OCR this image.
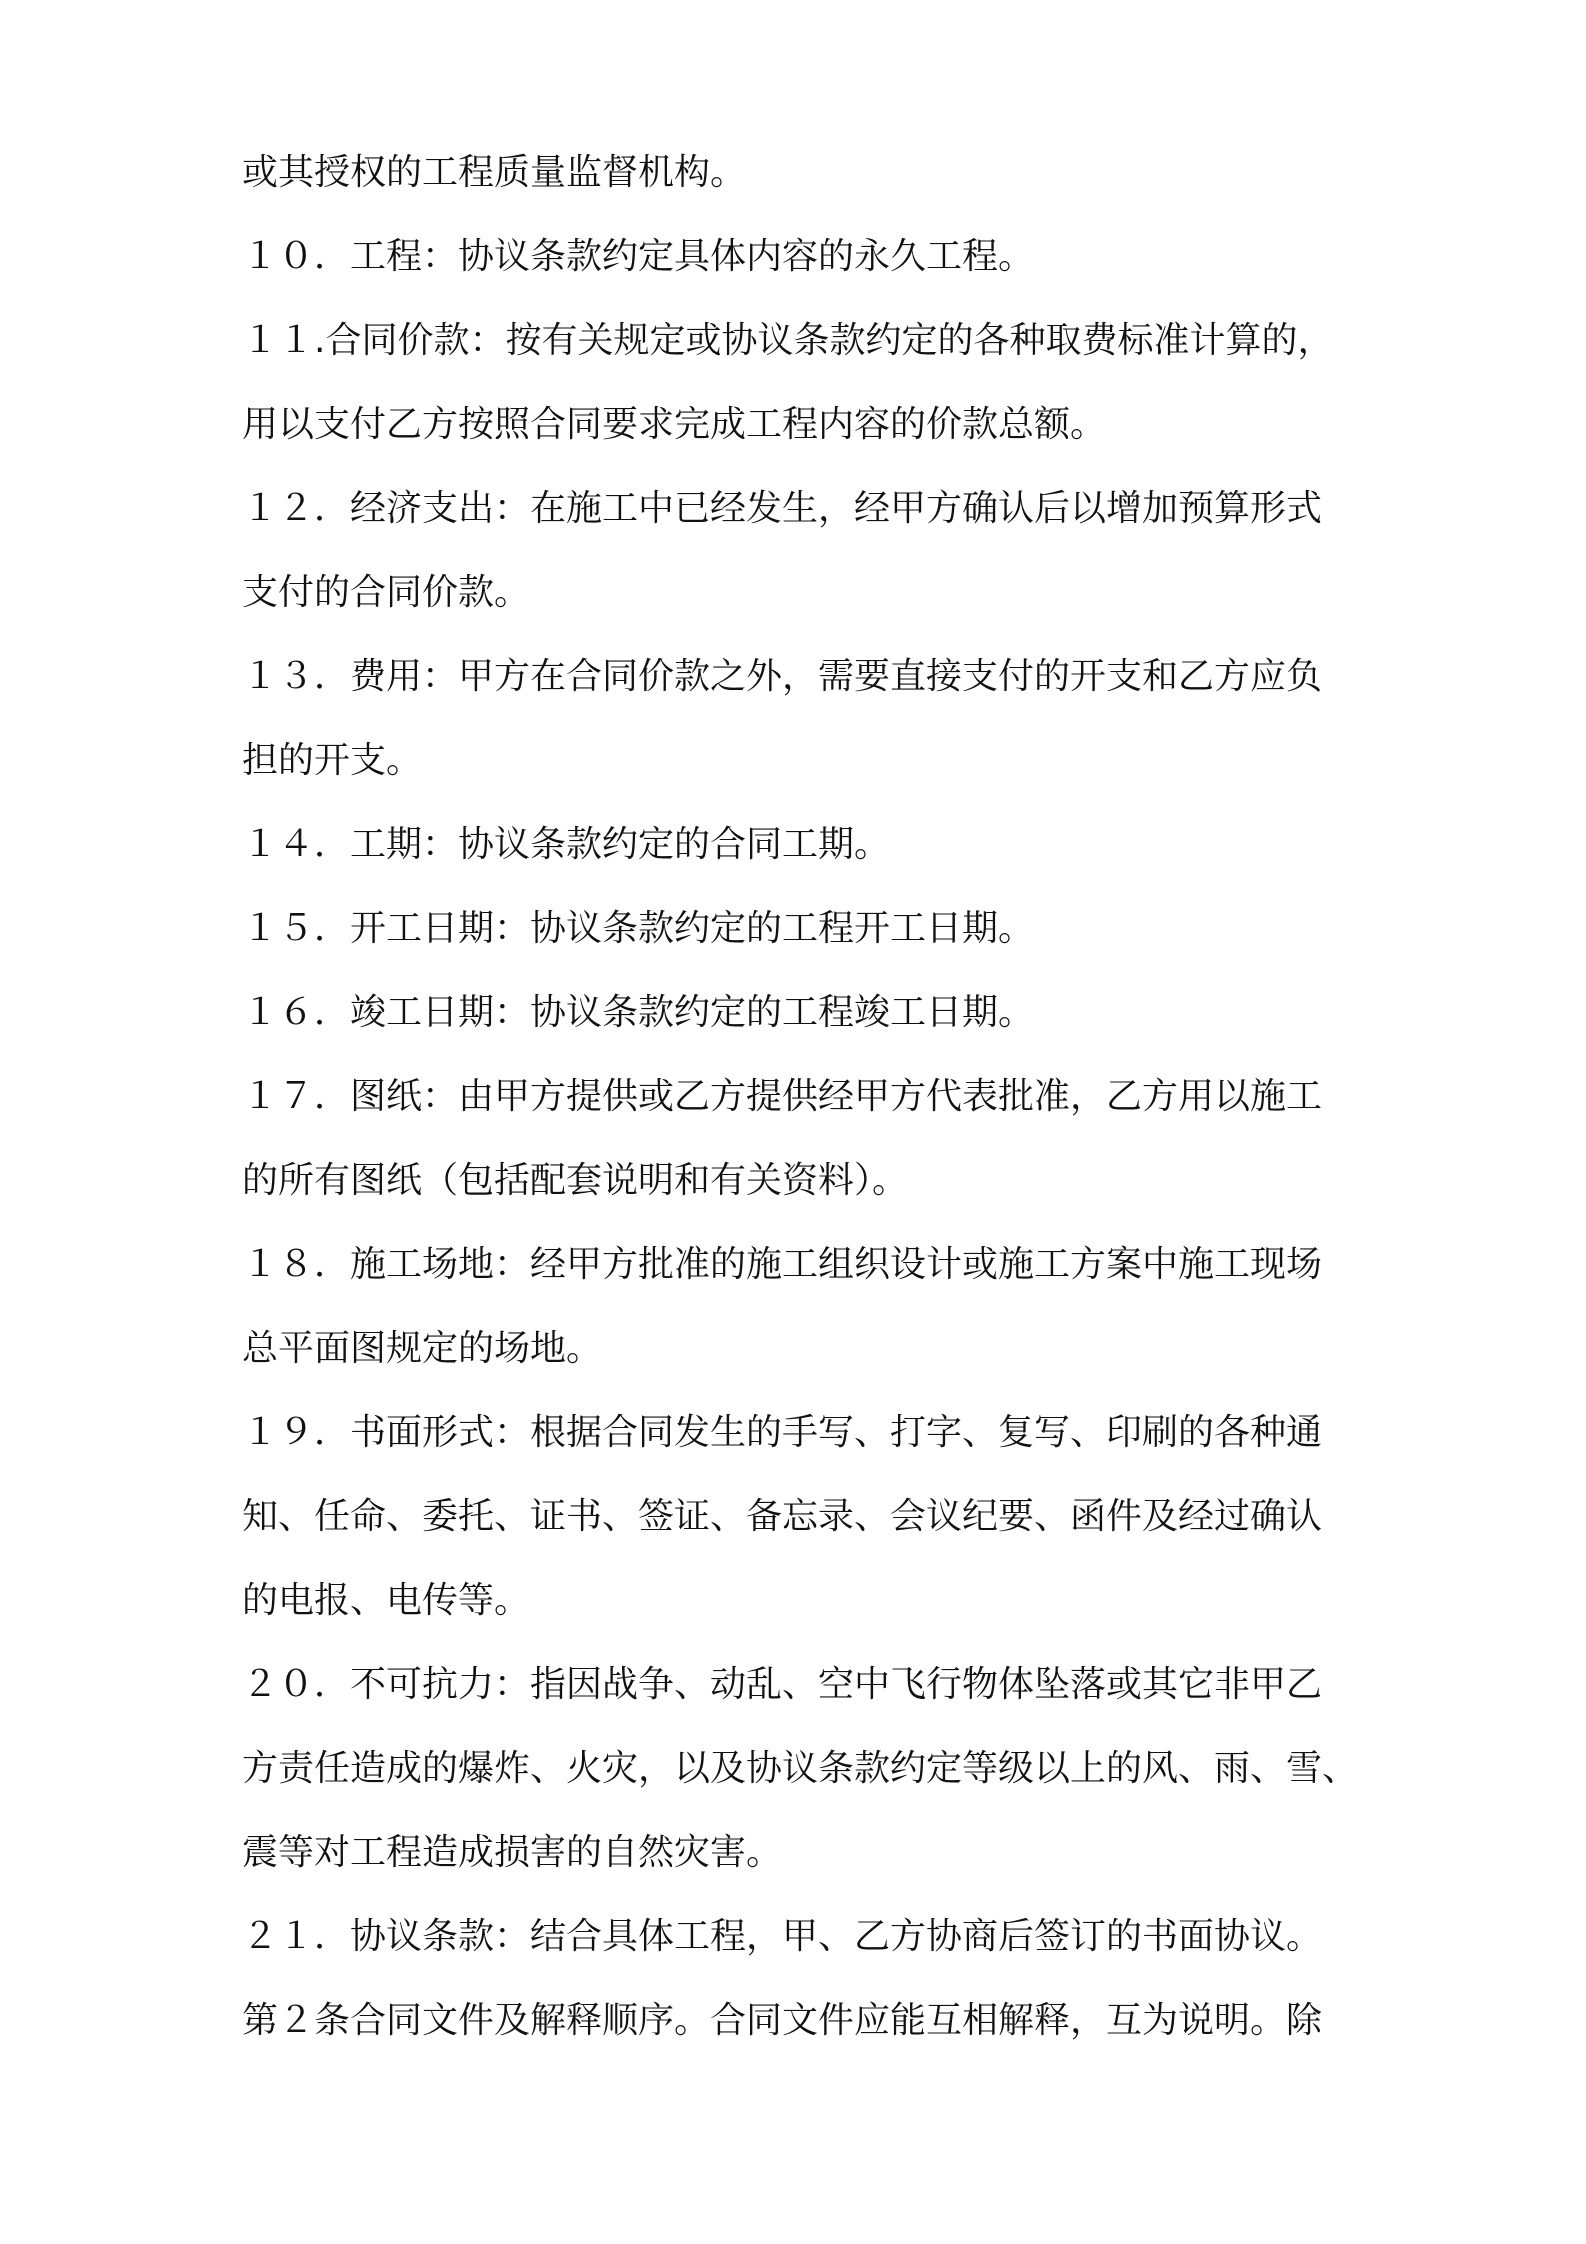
或其授权的工程质量监督机构。
１０．工程：协议条款约定具体内容的永久工程。
１１.合同价款：按有关规定或协议条款约定的各种取费标准计算的，
用以支付乙方按照合同要求完成工程内容的价款总额。
１２．经济支出：在施工中已经发生，经甲方确认后以增加预算形式
支付的合同价款。
１３．费用：甲方在合同价款之外，需要直接支付的开支和乙方应负
担的开支。
１４．工期：协议条款约定的合同工期。
１５．开工日期：协议条款约定的工程开工日期。
１６．竣工日期：协议条款约定的工程竣工日期。
１７．图纸：由甲方提供或乙方提供经甲方代表批准，乙方用以施工
的所有图纸（包括配套说明和有关资料）。
１８．施工场地：经甲方批准的施工组织设计或施工方案中施工现场
总平面图规定的场地。
１９．书面形式：根据合同发生的手写、打字、复写、印刷的各种通
知、任命、委托、证书、签证、备忘录、会议纪要、函件及经过确认
的电报、电传等。
２０．不可抗力：指因战争、动乱、空中飞行物体坠落或其它非甲乙
方责任造成的爆炸、火灾，以及协议条款约定等级以上的风、雨、雪、
震等对工程造成损害的自然灾害。
２１．协议条款：结合具体工程，甲、乙方协商后签订的书面协议。
第２条合同文件及解释顺序。合同文件应能互相解释，互为说明。除
